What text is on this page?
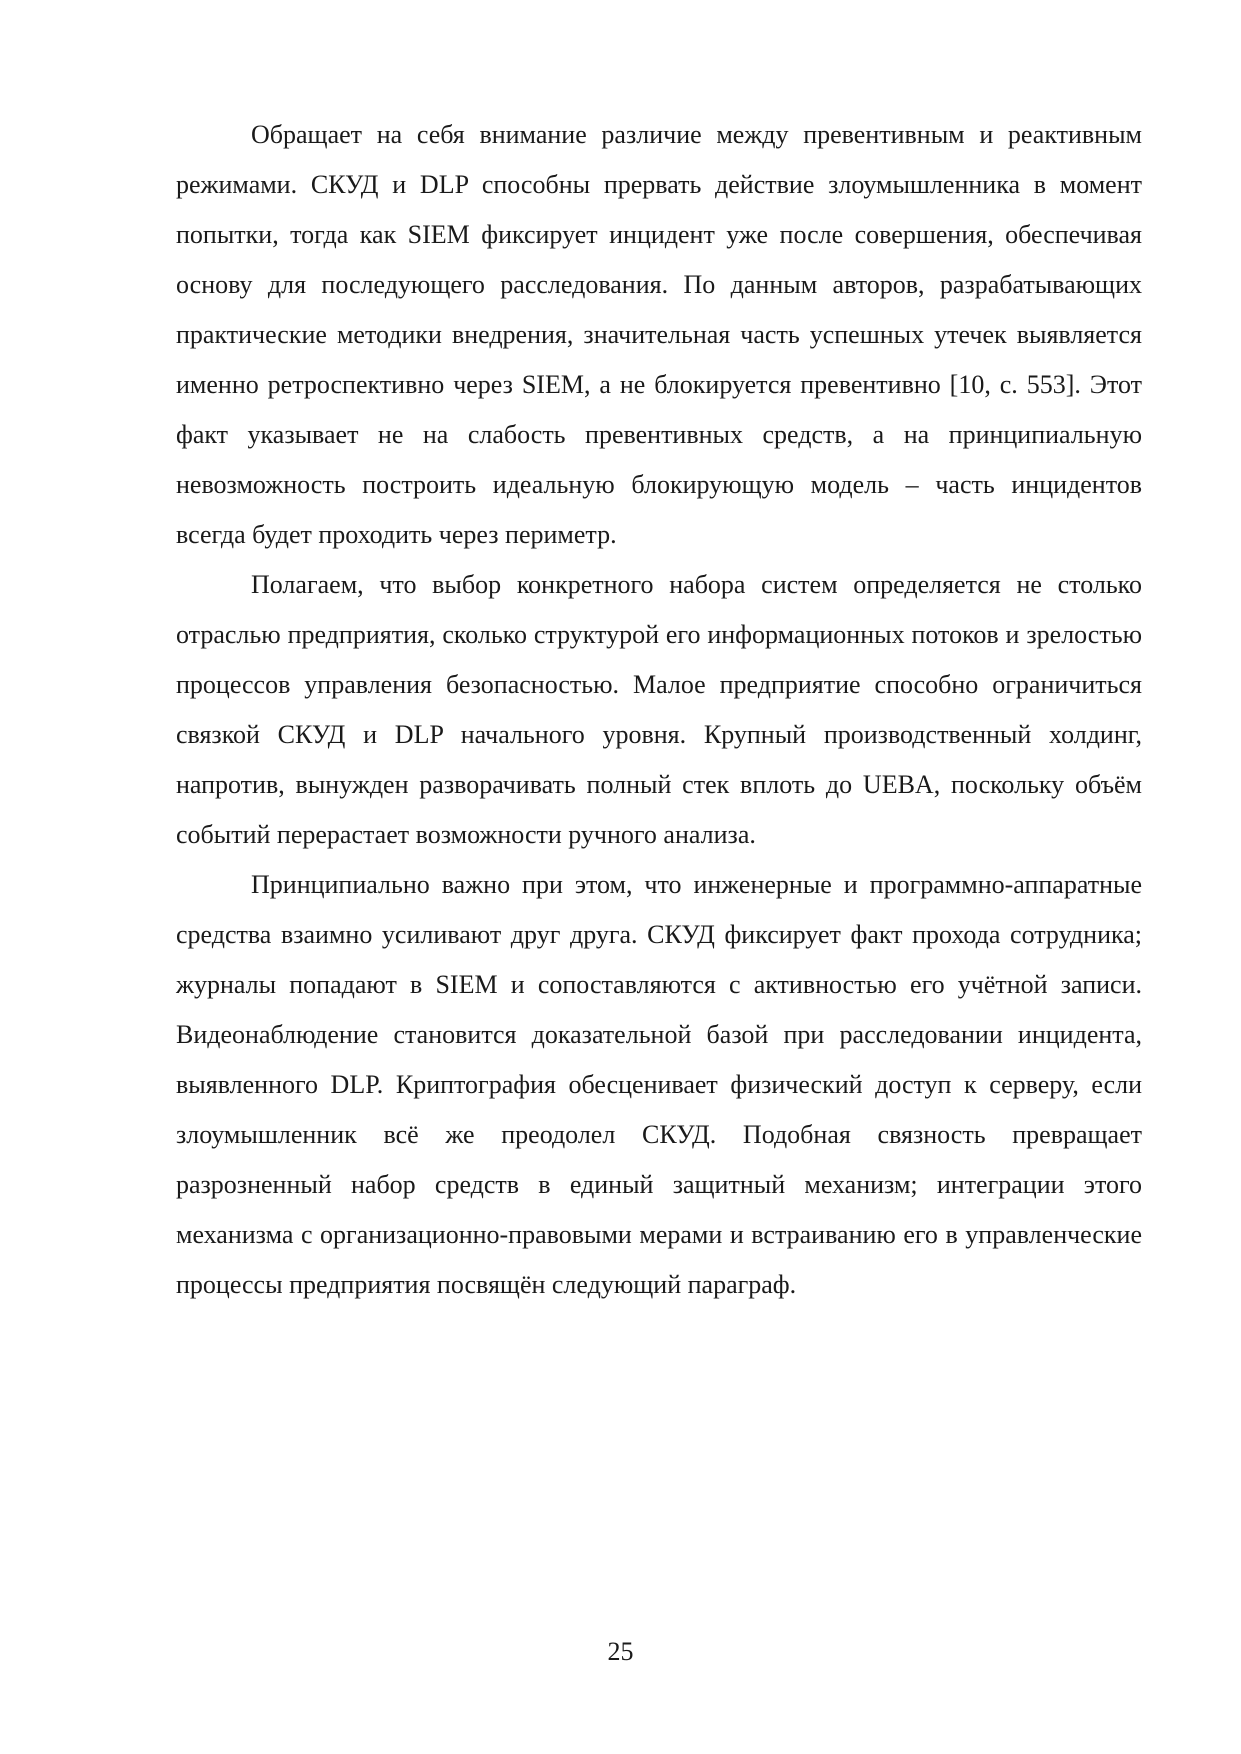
Обращает на себя внимание различие между превентивным и реактивным режимами. СКУД и DLP способны прервать действие злоумышленника в момент попытки, тогда как SIEM фиксирует инцидент уже после совершения, обеспечивая основу для последующего расследования. По данным авторов, разрабатывающих практические методики внедрения, значительная часть успешных утечек выявляется именно ретроспективно через SIEM, а не блокируется превентивно [10, с. 553]. Этот факт указывает не на слабость превентивных средств, а на принципиальную невозможность построить идеальную блокирующую модель – часть инцидентов всегда будет проходить через периметр.

Полагаем, что выбор конкретного набора систем определяется не столько отраслью предприятия, сколько структурой его информационных потоков и зрелостью процессов управления безопасностью. Малое предприятие способно ограничиться связкой СКУД и DLP начального уровня. Крупный производственный холдинг, напротив, вынужден разворачивать полный стек вплоть до UEBA, поскольку объём событий перерастает возможности ручного анализа.

Принципиально важно при этом, что инженерные и программно-аппаратные средства взаимно усиливают друг друга. СКУД фиксирует факт прохода сотрудника; журналы попадают в SIEM и сопоставляются с активностью его учётной записи. Видеонаблюдение становится доказательной базой при расследовании инцидента, выявленного DLP. Криптография обесценивает физический доступ к серверу, если злоумышленник всё же преодолел СКУД. Подобная связность превращает разрозненный набор средств в единый защитный механизм; интеграции этого механизма с организационно-правовыми мерами и встраиванию его в управленческие процессы предприятия посвящён следующий параграф.

25
